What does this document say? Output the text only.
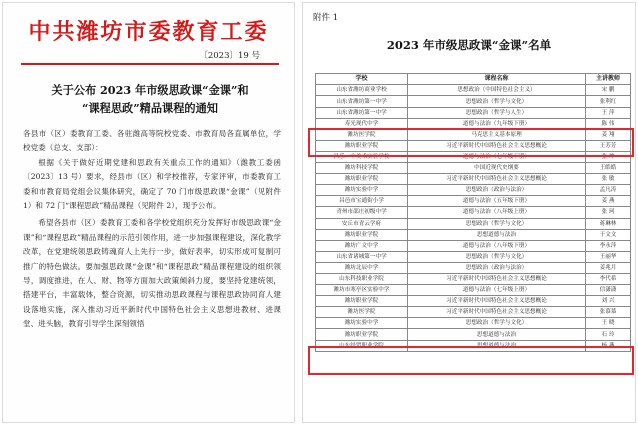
中共潍坊市委教育工委
〔2023〕19 号
关于公布 2023 年市级思政课“金课”和
“课程思政”精品课程的通知

各县市（区）委教育工委、各驻潍高等院校党委、市教育局各直属单位，学校党委（总支、支部）：

根据《关于做好近期党建和思政有关重点工作的通知》（潍教工委函〔2023〕13 号）要求，经县市（区）和学校推荐，专家评审，市委教育工委和市教育局党组会议集体研究，确定了 70 门市级思政课“金课”（见附件 1）和 72 门“课程思政”精品课程（见附件 2），现予公布。

希望各县市（区）委教育工委和各学校党组织充分发挥好市级思政课“金课”和“课程思政”精品课程的示范引领作用，进一步加强课程建设，深化教学改革，在党建统领思政铸魂育人上先行一步，做好表率，切实形成可复制可推广的特色做法。要加强思政课“金课”和“课程思政”精品课程建设的组织领导，调度推进，在人、财、物等方面加大政策倾斜力度，要坚持党建统领，搭建平台，丰富载体，整合资源，切实推动思政课程与课程思政协同育人建设落地实施，深入推动习近平新时代中国特色社会主义思想进教材、进课堂、进头脑，教育引导学生深刻领悟

附件 1
2023 年市级思政课“金课”名单
学校	课程名称	主讲教师
山东省潍坊商业学校	思想政治（中国特色社会主义）	宋 鹏
山东省潍坊第一中学	思想政治（哲学与文化）	张利红
山东省潍坊第一中学	思想政治（哲学与人生）	王 萍
寿光现代中学	道德与法治（九年级下册）	陈 伟
潍坊医学院	马克思主义基本原理	姜 翔
潍坊职业学院	习近平新时代中国特色社会主义思想概论	王芳芳
昌乐一中美术实验学校	道德与法治（七年级下册）	张 坤
潍坊科技学院	中国近现代史纲要	王皓皓
潍坊职业学院	习近平新时代中国特色社会主义思想概论	张 敏
潍坊实验中学	思想政治（政治与法治）	孟凡涛
昌邑市宝通街小学	道德与法治（五年级下册）	姜 燕
青州市邵庄初级中学	道德与法治（八年级上册）	张 珂
安丘市青云学府	思想政治（哲学与文化）	蒋琳林
潍坊职业学院	思想道德与法治	于文文
潍坊广文中学	道德与法治（八年级下册）	李永萍
山东省诸城第一中学	思想政治（哲学与文化）	王丽华
潍坊北辰中学	思想政治（政治与法治）	姜兆月
山东科技职业学院	习近平新时代中国特色社会主义思想概论	李代希
潍坊市寒亭区实验中学	道德与法治（七年级上册）	信潇潇
潍坊职业学院	习近平新时代中国特色社会主义思想概论	刘 兴
潍坊医学院	习近平新时代中国特色社会主义思想概论	张慕慕
潍坊实验中学	思想政治（哲学与文化）	王 晓
潍坊职业学院	思想道德与法治	石 玲
山东经贸职业学院	思想道德与法治	杨 燕
